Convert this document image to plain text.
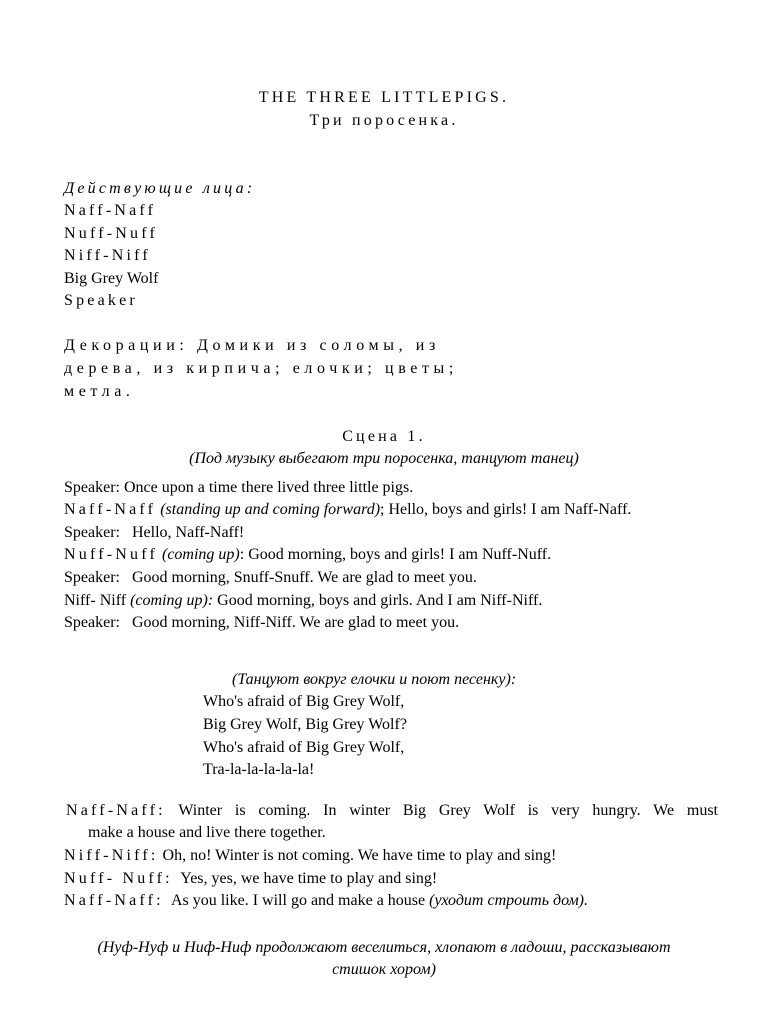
THE THREE LITTLEPIGS.
Три поросенка.
Действующие лица:
Naff-Naff
Nuff-Nuff
Niff-Niff
Big Grey Wolf
Speaker
Декорации: Домики из соломы, из
дерева, из кирпича; елочки; цветы;
метла.
Сцена 1.
(Под музыку выбегают три поросенка, танцуют танец)
Speaker: Once upon a time there lived three little pigs.
Naff-Naff (standing up and coming forward); Hello, boys and girls! I am Naff-Naff.
Speaker:   Hello, Naff-Naff!
Nuff-Nuff (coming up): Good morning, boys and girls! I am Nuff-Nuff.
Speaker:   Good morning, Snuff-Snuff. We are glad to meet you.
Niff- Niff (coming up): Good morning, boys and girls. And I am Niff-Niff.
Speaker:   Good morning, Niff-Niff. We are glad to meet you.
(Танцуют вокруг елочки и поют песенку):
Who's afraid of Big Grey Wolf,
Big Grey Wolf, Big Grey Wolf?
Who's afraid of Big Grey Wolf,
Tra-la-la-la-la-la!
Naff-Naff: Winter is coming. In winter Big Grey Wolf is very hungry. We must
make a house and live there together.
Niff-Niff: Oh, no! Winter is not coming. We have time to play and sing!
Nuff- Nuff:  Yes, yes, we have time to play and sing!
Naff-Naff:  As you like. I will go and make a house (уходит строить дом).
(Нуф-Нуф и Ниф-Ниф продолжают веселиться, хлопают в ладоши, рассказывают
стишок хором)
